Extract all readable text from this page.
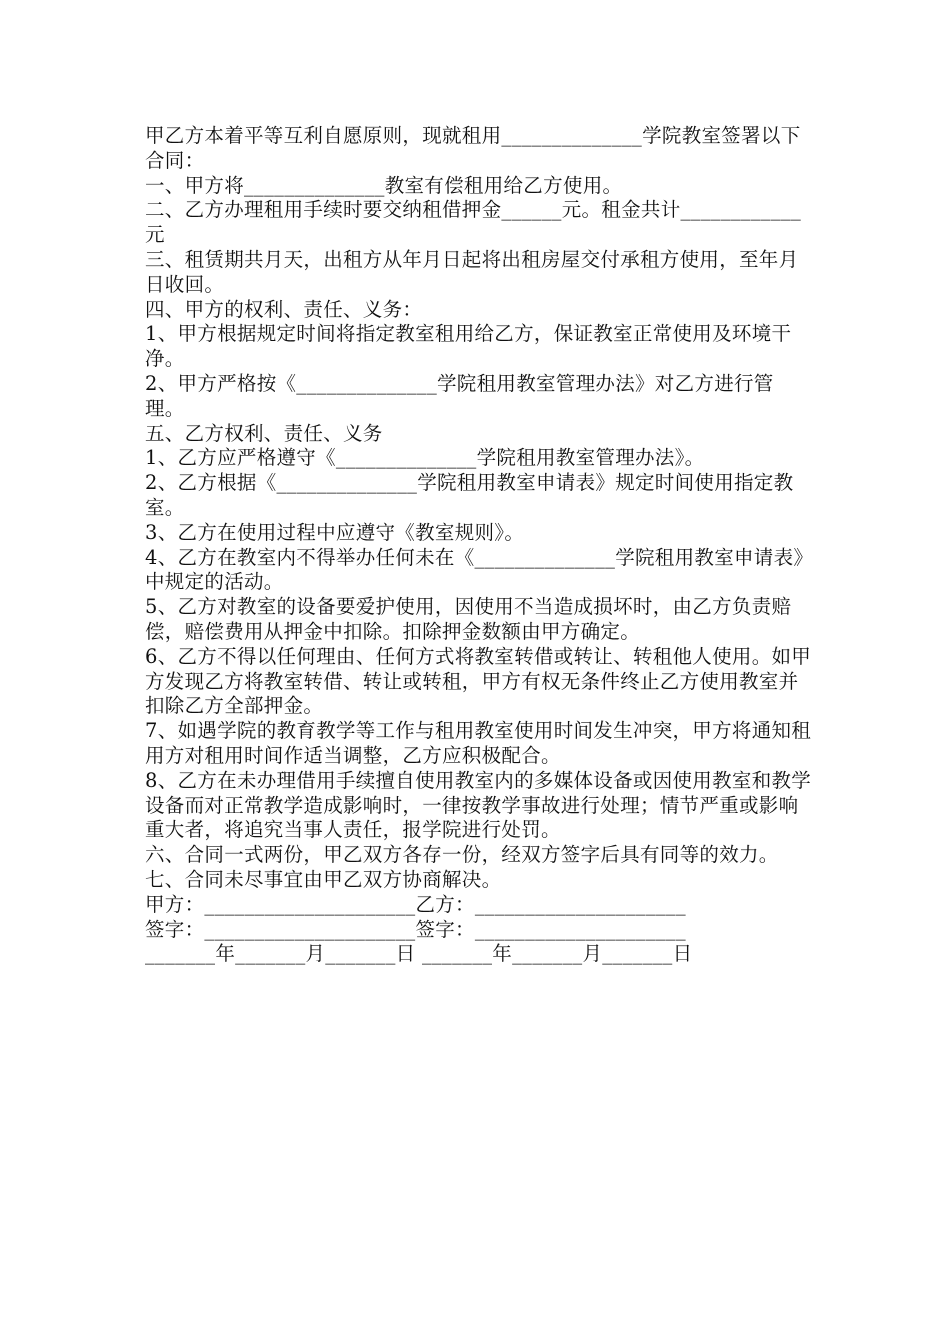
甲乙方本着平等互利自愿原则，现就租用______________学院教室签署以下合同：

一、甲方将______________教室有偿租用给乙方使用。

二、乙方办理租用手续时要交纳租借押金______元。租金共计____________元

三、租赁期共月天，出租方从年月日起将出租房屋交付承租方使用，至年月日收回。

四、甲方的权利、责任、义务：

1、甲方根据规定时间将指定教室租用给乙方，保证教室正常使用及环境干净。

2、甲方严格按《______________学院租用教室管理办法》对乙方进行管理。

五、乙方权利、责任、义务

1、乙方应严格遵守《______________学院租用教室管理办法》。

2、乙方根据《______________学院租用教室申请表》规定时间使用指定教室。

3、乙方在使用过程中应遵守《教室规则》。

4、乙方在教室内不得举办任何未在《______________学院租用教室申请表》中规定的活动。

5、乙方对教室的设备要爱护使用，因使用不当造成损坏时，由乙方负责赔偿，赔偿费用从押金中扣除。扣除押金数额由甲方确定。

6、乙方不得以任何理由、任何方式将教室转借或转让、转租他人使用。如甲方发现乙方将教室转借、转让或转租，甲方有权无条件终止乙方使用教室并扣除乙方全部押金。

7、如遇学院的教育教学等工作与租用教室使用时间发生冲突，甲方将通知租用方对租用时间作适当调整，乙方应积极配合。

8、乙方在未办理借用手续擅自使用教室内的多媒体设备或因使用教室和教学设备而对正常教学造成影响时，一律按教学事故进行处理；情节严重或影响重大者，将追究当事人责任，报学院进行处罚。

六、合同一式两份，甲乙双方各存一份，经双方签字后具有同等的效力。

七、合同未尽事宜由甲乙双方协商解决。

甲方：_____________________乙方：_____________________

签字：_____________________签字：_____________________

_______年_______月_______日 _______年_______月_______日
